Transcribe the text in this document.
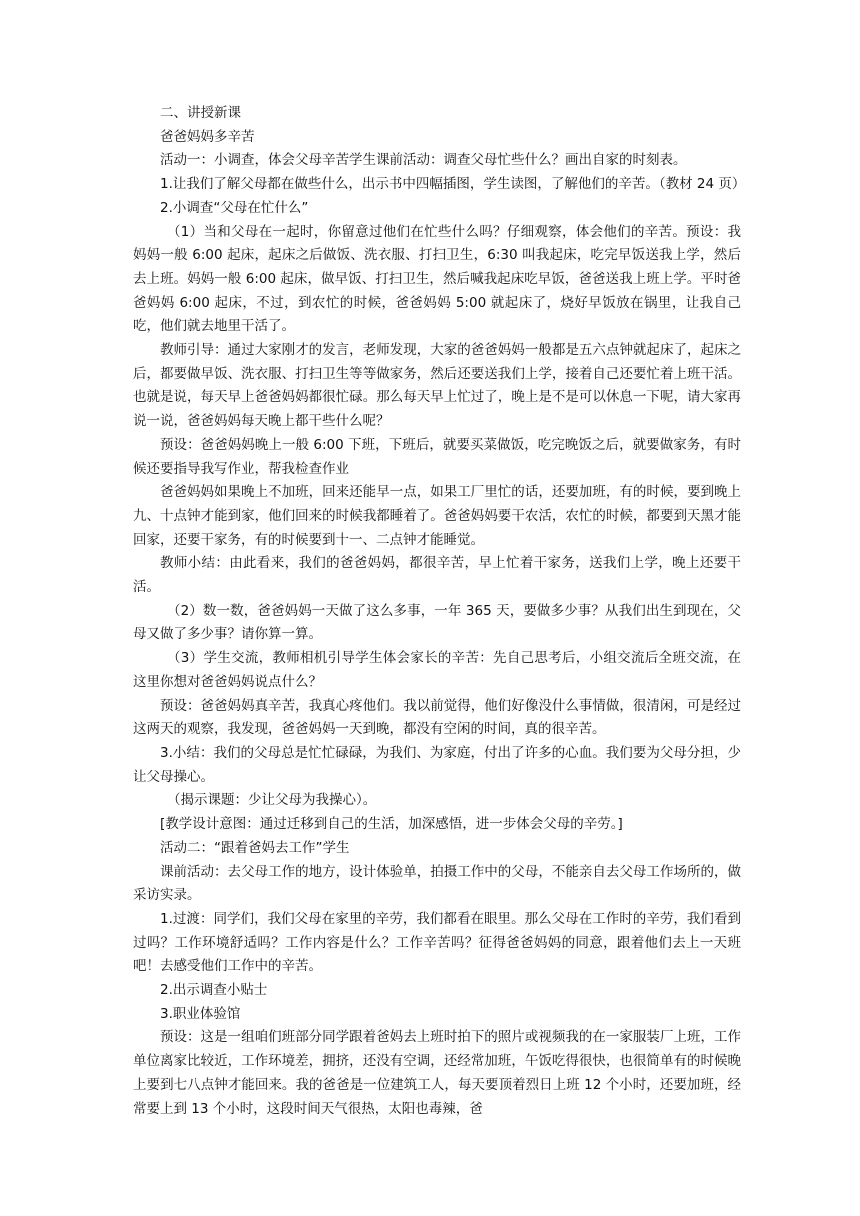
二、讲授新课

爸爸妈妈多辛苦

活动一：小调查，体会父母辛苦学生课前活动：调查父母忙些什么？画出自家的时刻表。

1.让我们了解父母都在做些什么，出示书中四幅插图，学生读图，了解他们的辛苦。（教材 24 页）

2.小调查“父母在忙什么”

（1）当和父母在一起时，你留意过他们在忙些什么吗？仔细观察，体会他们的辛苦。预设：我妈妈一般 6:00 起床，起床之后做饭、洗衣服、打扫卫生，6:30 叫我起床，吃完早饭送我上学，然后去上班。妈妈一般 6:00 起床，做早饭、打扫卫生，然后喊我起床吃早饭，爸爸送我上班上学。平时爸爸妈妈 6:00 起床，不过，到农忙的时候，爸爸妈妈 5:00 就起床了，烧好早饭放在锅里，让我自己吃，他们就去地里干活了。

教师引导：通过大家刚才的发言，老师发现，大家的爸爸妈妈一般都是五六点钟就起床了，起床之后，都要做早饭、洗衣服、打扫卫生等等做家务，然后还要送我们上学，接着自己还要忙着上班干活。也就是说，每天早上爸爸妈妈都很忙碌。那么每天早上忙过了，晚上是不是可以休息一下呢，请大家再说一说，爸爸妈妈每天晚上都干些什么呢？

预设：爸爸妈妈晚上一般 6:00 下班，下班后，就要买菜做饭，吃完晚饭之后，就要做家务，有时候还要指导我写作业，帮我检查作业

爸爸妈妈如果晚上不加班，回来还能早一点，如果工厂里忙的话，还要加班，有的时候，要到晚上九、十点钟才能到家，他们回来的时候我都睡着了。爸爸妈妈要干农活，农忙的时候，都要到天黑才能回家，还要干家务，有的时候要到十一、二点钟才能睡觉。

教师小结：由此看来，我们的爸爸妈妈，都很辛苦，早上忙着干家务，送我们上学，晚上还要干活。

（2）数一数，爸爸妈妈一天做了这么多事，一年 365 天，要做多少事？从我们出生到现在，父母又做了多少事？请你算一算。

（3）学生交流，教师相机引导学生体会家长的辛苦：先自己思考后，小组交流后全班交流，在这里你想对爸爸妈妈说点什么？

预设：爸爸妈妈真辛苦，我真心疼他们。我以前觉得，他们好像没什么事情做，很清闲，可是经过这两天的观察，我发现，爸爸妈妈一天到晚，都没有空闲的时间，真的很辛苦。

3.小结：我们的父母总是忙忙碌碌，为我们、为家庭，付出了许多的心血。我们要为父母分担，少让父母操心。

（揭示课题：少让父母为我操心）。

[教学设计意图：通过迁移到自己的生活，加深感悟，进一步体会父母的辛劳。]

活动二：“跟着爸妈去工作”学生

课前活动：去父母工作的地方，设计体验单，拍摄工作中的父母，不能亲自去父母工作场所的，做采访实录。

1.过渡：同学们，我们父母在家里的辛劳，我们都看在眼里。那么父母在工作时的辛劳，我们看到过吗？工作环境舒适吗？工作内容是什么？工作辛苦吗？征得爸爸妈妈的同意，跟着他们去上一天班吧！去感受他们工作中的辛苦。

2.出示调查小贴士

3.职业体验馆

预设：这是一组咱们班部分同学跟着爸妈去上班时拍下的照片或视频我的在一家服装厂上班，工作单位离家比较近，工作环境差，拥挤，还没有空调，还经常加班，午饭吃得很快，也很简单有的时候晚上要到七八点钟才能回来。我的爸爸是一位建筑工人，每天要顶着烈日上班 12 个小时，还要加班，经常要上到 13 个小时，这段时间天气很热，太阳也毒辣，爸
